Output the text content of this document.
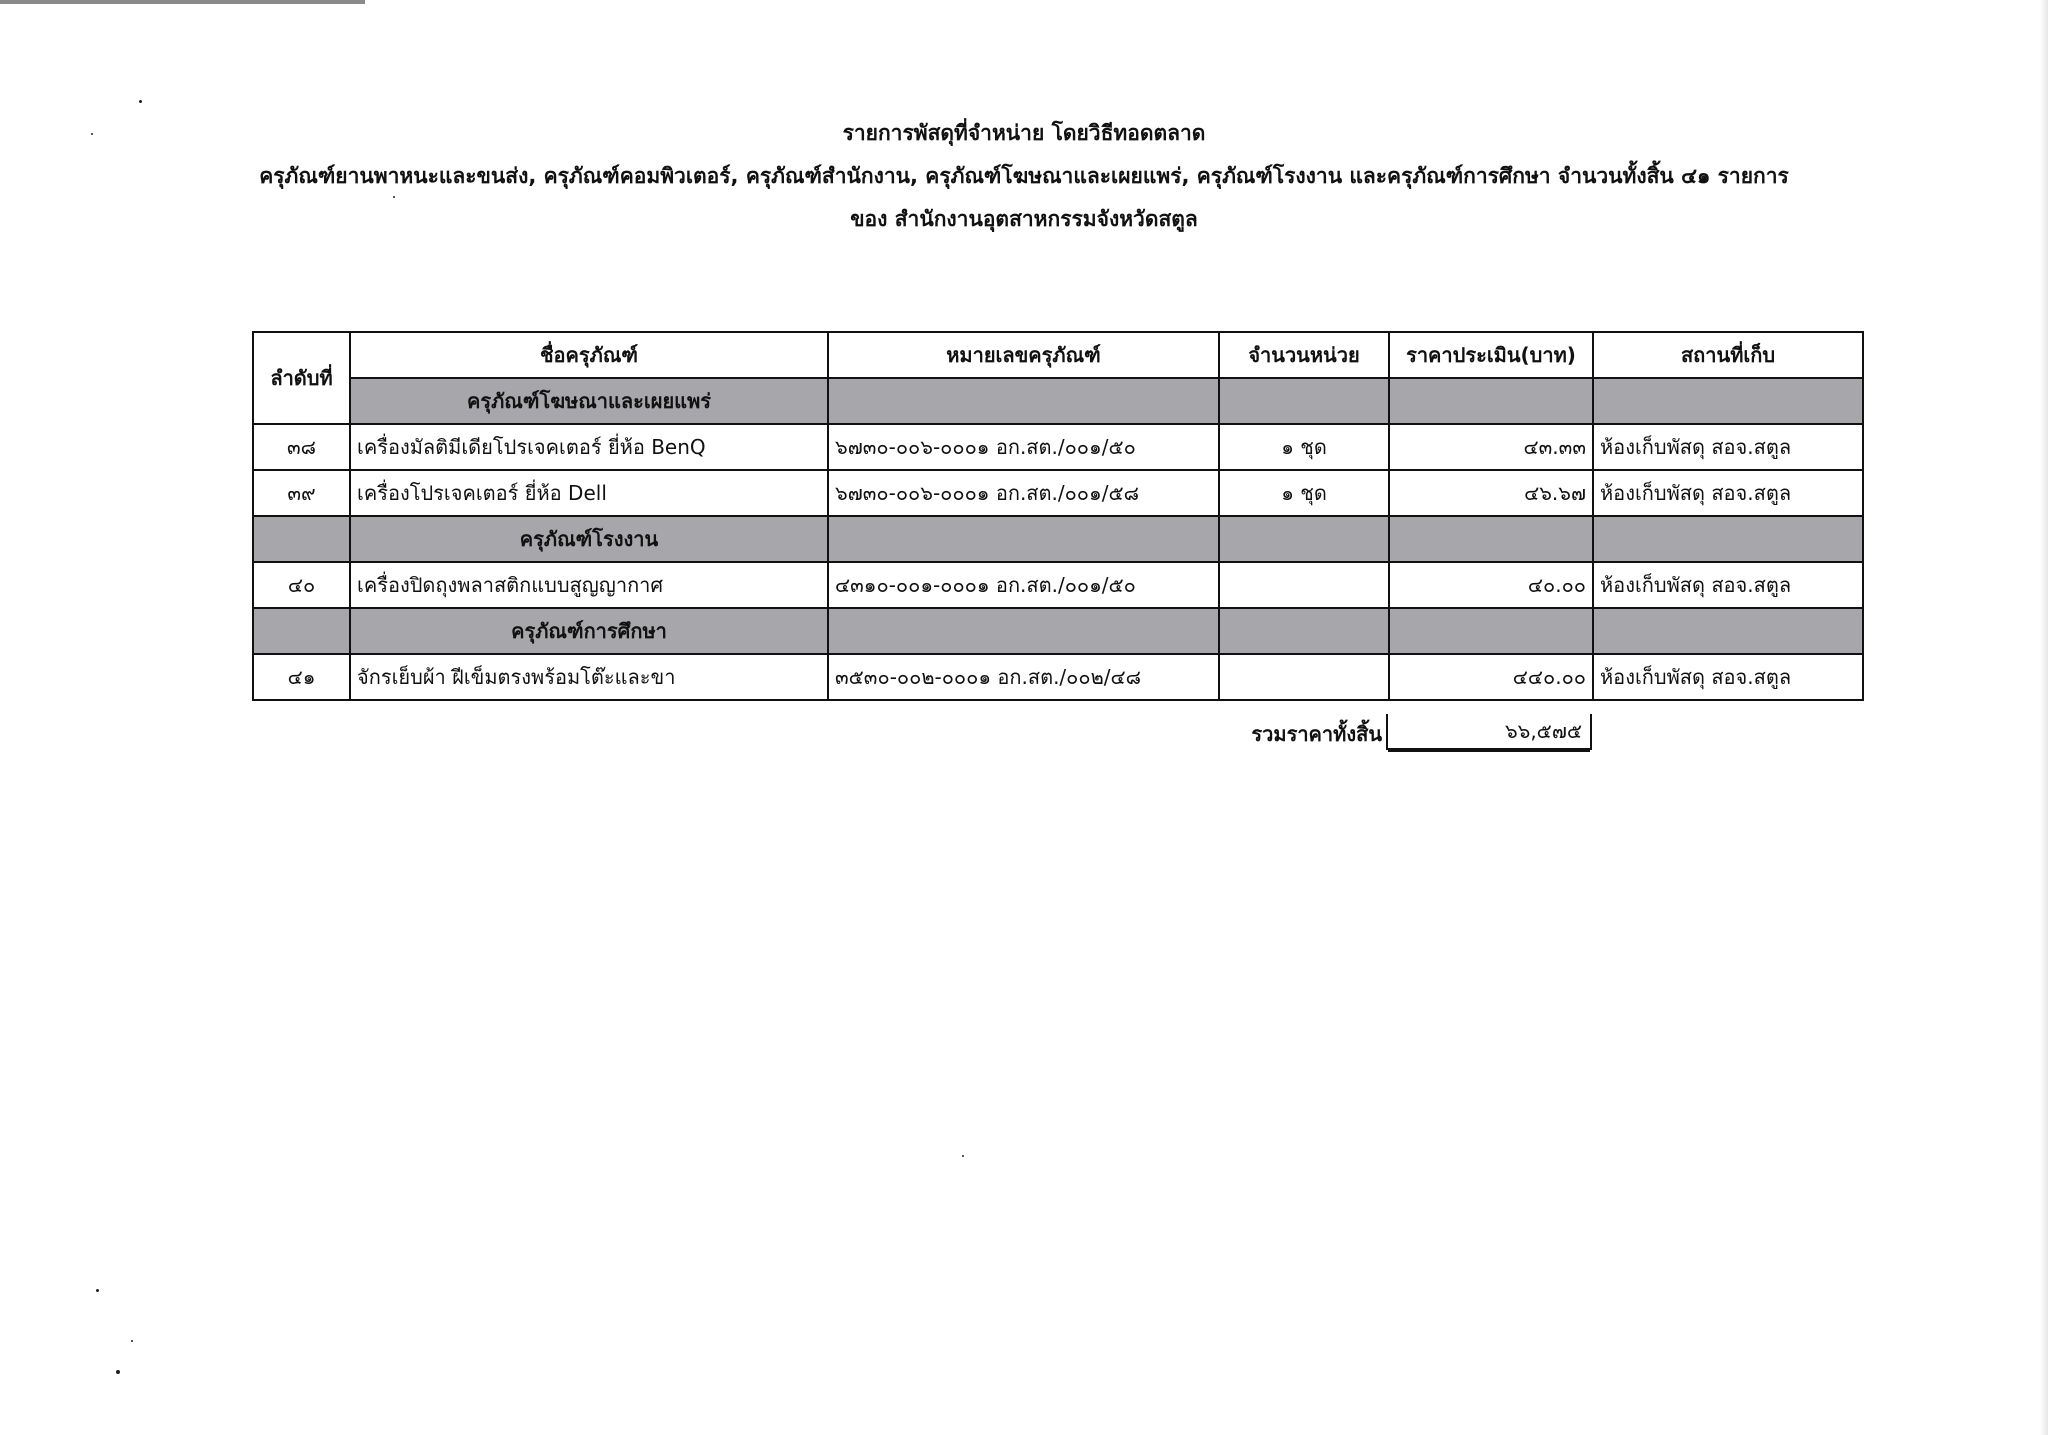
รายการพัสดุที่จำหน่าย โดยวิธีทอดตลาด
ครุภัณฑ์ยานพาหนะและขนส่ง, ครุภัณฑ์คอมพิวเตอร์, ครุภัณฑ์สำนักงาน, ครุภัณฑ์โฆษณาและเผยแพร่, ครุภัณฑ์โรงงาน และครุภัณฑ์การศึกษา จำนวนทั้งสิ้น ๔๑ รายการ
ของ สำนักงานอุตสาหกรรมจังหวัดสตูล
ลำดับที่	ชื่อครุภัณฑ์	หมายเลขครุภัณฑ์	จำนวนหน่วย	ราคาประเมิน(บาท)	สถานที่เก็บ
	ครุภัณฑ์โฆษณาและเผยแพร่				
๓๘	เครื่องมัลติมีเดียโปรเจคเตอร์ ยี่ห้อ BenQ	๖๗๓๐-๐๐๖-๐๐๐๑ อก.สต./๐๐๑/๕๐	๑ ชุด	๔๓.๓๓	ห้องเก็บพัสดุ สอจ.สตูล
๓๙	เครื่องโปรเจคเตอร์ ยี่ห้อ Dell	๖๗๓๐-๐๐๖-๐๐๐๑ อก.สต./๐๐๑/๕๘	๑ ชุด	๔๖.๖๗	ห้องเก็บพัสดุ สอจ.สตูล
	ครุภัณฑ์โรงงาน				
๔๐	เครื่องปิดถุงพลาสติกแบบสูญญากาศ	๔๓๑๐-๐๐๑-๐๐๐๑ อก.สต./๐๐๑/๕๐		๔๐.๐๐	ห้องเก็บพัสดุ สอจ.สตูล
	ครุภัณฑ์การศึกษา				
๔๑	จักรเย็บผ้า ฝีเข็มตรงพร้อมโต๊ะและขา	๓๕๓๐-๐๐๒-๐๐๐๑ อก.สต./๐๐๒/๔๘		๔๔๐.๐๐	ห้องเก็บพัสดุ สอจ.สตูล
รวมราคาทั้งสิ้น	๖๖,๕๗๕
